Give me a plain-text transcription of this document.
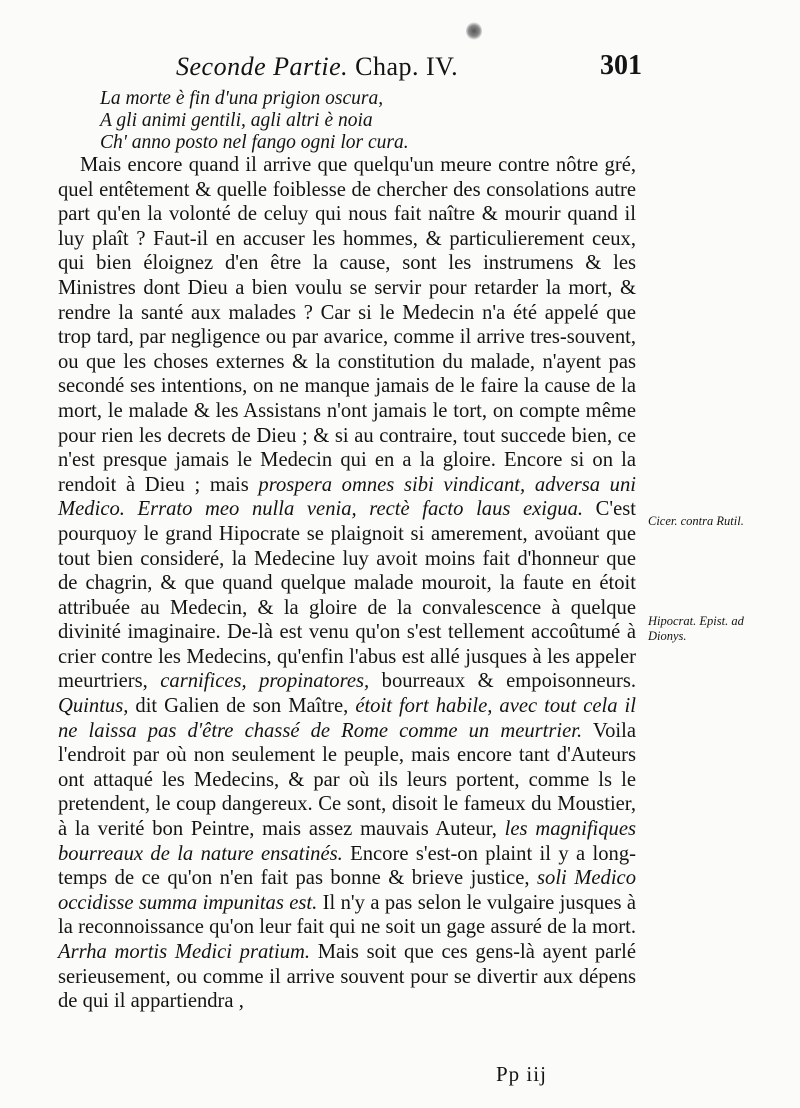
Seconde Partie. Chap. IV.	301
La morte è fin d'una prigion oscura,
A gli animi gentili, agli altri è noia
Ch' anno posto nel fango ogni lor cura.

Mais encore quand il arrive que quelqu'un meure contre nôtre gré, quel entêtement & quelle foiblesse de chercher des consolations autre part qu'en la volonté de celuy qui nous fait naître & mourir quand il luy plaît ? Faut-il en accuser les hommes, & particulierement ceux, qui bien éloignez d'en être la cause, sont les instrumens & les Ministres dont Dieu a bien voulu se servir pour retarder la mort, & rendre la santé aux malades ? Car si le Medecin n'a été appelé que trop tard, par negligence ou par avarice, comme il arrive tres-souvent, ou que les choses externes & la constitution du malade, n'ayent pas secondé ses intentions, on ne manque jamais de le faire la cause de la mort, le malade & les Assistans n'ont jamais le tort, on compte même pour rien les decrets de Dieu ; & si au contraire, tout succede bien, ce n'est presque jamais le Medecin qui en a la gloire. Encore si on la rendoit à Dieu ; mais prospera omnes sibi vindicant, adversa uni Medico. Errato meo nulla venia, rectè facto laus exigua. C'est pourquoy le grand Hipocrate se plaignoit si amerement, avoüant que tout bien consideré, la Medecine luy avoit moins fait d'honneur que de chagrin, & que quand quelque malade mouroit, la faute en étoit attribuée au Medecin, & la gloire de la convalescence à quelque divinité imaginaire. De-là est venu qu'on s'est tellement accoûtumé à crier contre les Medecins, qu'enfin l'abus est allé jusques à les appeler meurtriers, carnifices, propinatores, bourreaux & empoisonneurs. Quintus, dit Galien de son Maître, étoit fort habile, avec tout cela il ne laissa pas d'être chassé de Rome comme un meurtrier. Voila l'endroit par où non seulement le peuple, mais encore tant d'Auteurs ont attaqué les Medecins, & par où ils leurs portent, comme ls le pretendent, le coup dangereux. Ce sont, disoit le fameux du Moustier, à la verité bon Peintre, mais assez mauvais Auteur, les magnifiques bourreaux de la nature ensatinés. Encore s'est-on plaint il y a long-temps de ce qu'on n'en fait pas bonne & brieve justice, soli Medico occidisse summa impunitas est. Il n'y a pas selon le vulgaire jusques à la reconnoissance qu'on leur fait qui ne soit un gage assuré de la mort. Arrha mortis Medici pratium. Mais soit que ces gens-là ayent parlé serieusement, ou comme il arrive souvent pour se divertir aux dépens de qui il appartiendra ,

Cicer. contra Rutil.
Hipocrat. Epist. ad
Dionys.
Pp iij
